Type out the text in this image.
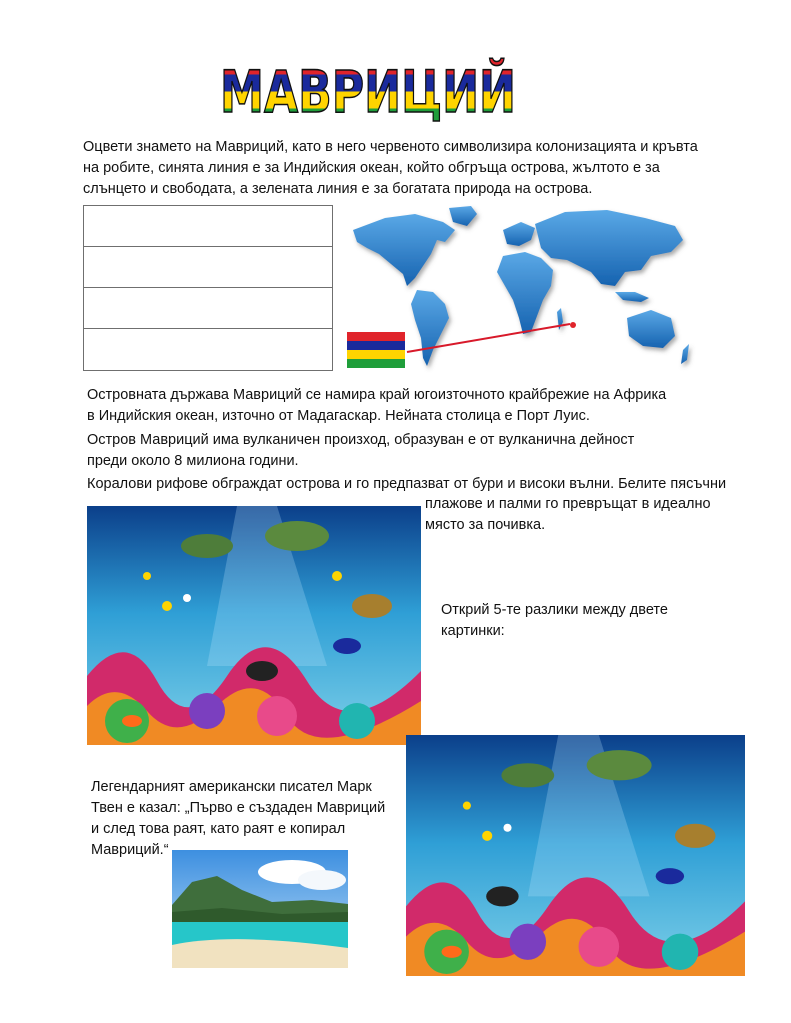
МАВРИЦИЙ
Оцвети знамето на Мавриций, като в него червеното символизира колонизацията и кръвта на робите, синята линия е за Индийския океан, който обгръща острова, жълтото е за слънцето и свободата, а зелената линия е за богатата природа на острова.
Островната държава Мавриций се намира край югоизточното крайбрежие на Африка в Индийския океан, източно от Мадагаскар. Нейната столица е Порт Луис.
Остров Мавриций има вулканичен произход, образуван е от вулканична дейност преди около 8 милиона години.
Коралови рифове обграждат острова и го предпазват от бури и високи вълни. Белите пясъчни
плажове и палми го превръщат в идеално място за почивка.
Открий 5-те разлики между двете картинки:
Легендарният американски писател Марк Твен е казал: „Първо е създаден Мавриций и след това раят, като раят е копирал Мавриций.“
